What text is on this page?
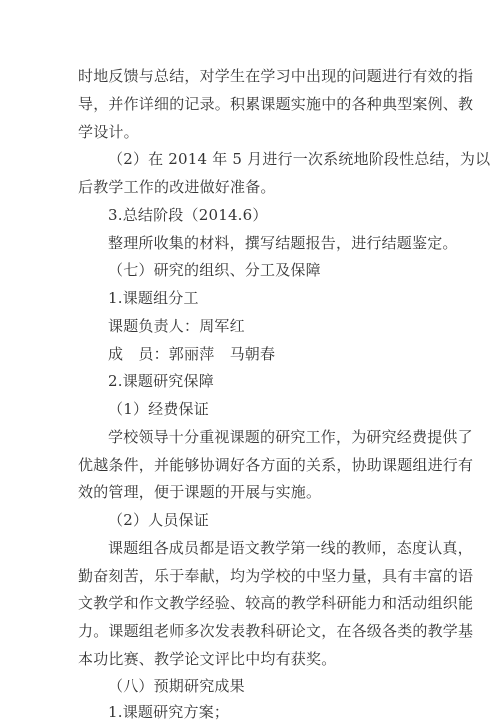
时地反馈与总结，对学生在学习中出现的问题进行有效的指
导，并作详细的记录。积累课题实施中的各种典型案例、教
学设计。
（2）在 2014 年 5 月进行一次系统地阶段性总结，为以
后教学工作的改进做好准备。
3.总结阶段（2014.6）
整理所收集的材料，撰写结题报告，进行结题鉴定。
（七）研究的组织、分工及保障
1.课题组分工
课题负责人：周军红
成　员：郭丽萍　马朝春
2.课题研究保障
（1）经费保证
学校领导十分重视课题的研究工作，为研究经费提供了
优越条件，并能够协调好各方面的关系，协助课题组进行有
效的管理，便于课题的开展与实施。
（2）人员保证
课题组各成员都是语文教学第一线的教师，态度认真，
勤奋刻苦，乐于奉献，均为学校的中坚力量，具有丰富的语
文教学和作文教学经验、较高的教学科研能力和活动组织能
力。课题组老师多次发表教科研论文，在各级各类的教学基
本功比赛、教学论文评比中均有获奖。
（八）预期研究成果
1.课题研究方案；
